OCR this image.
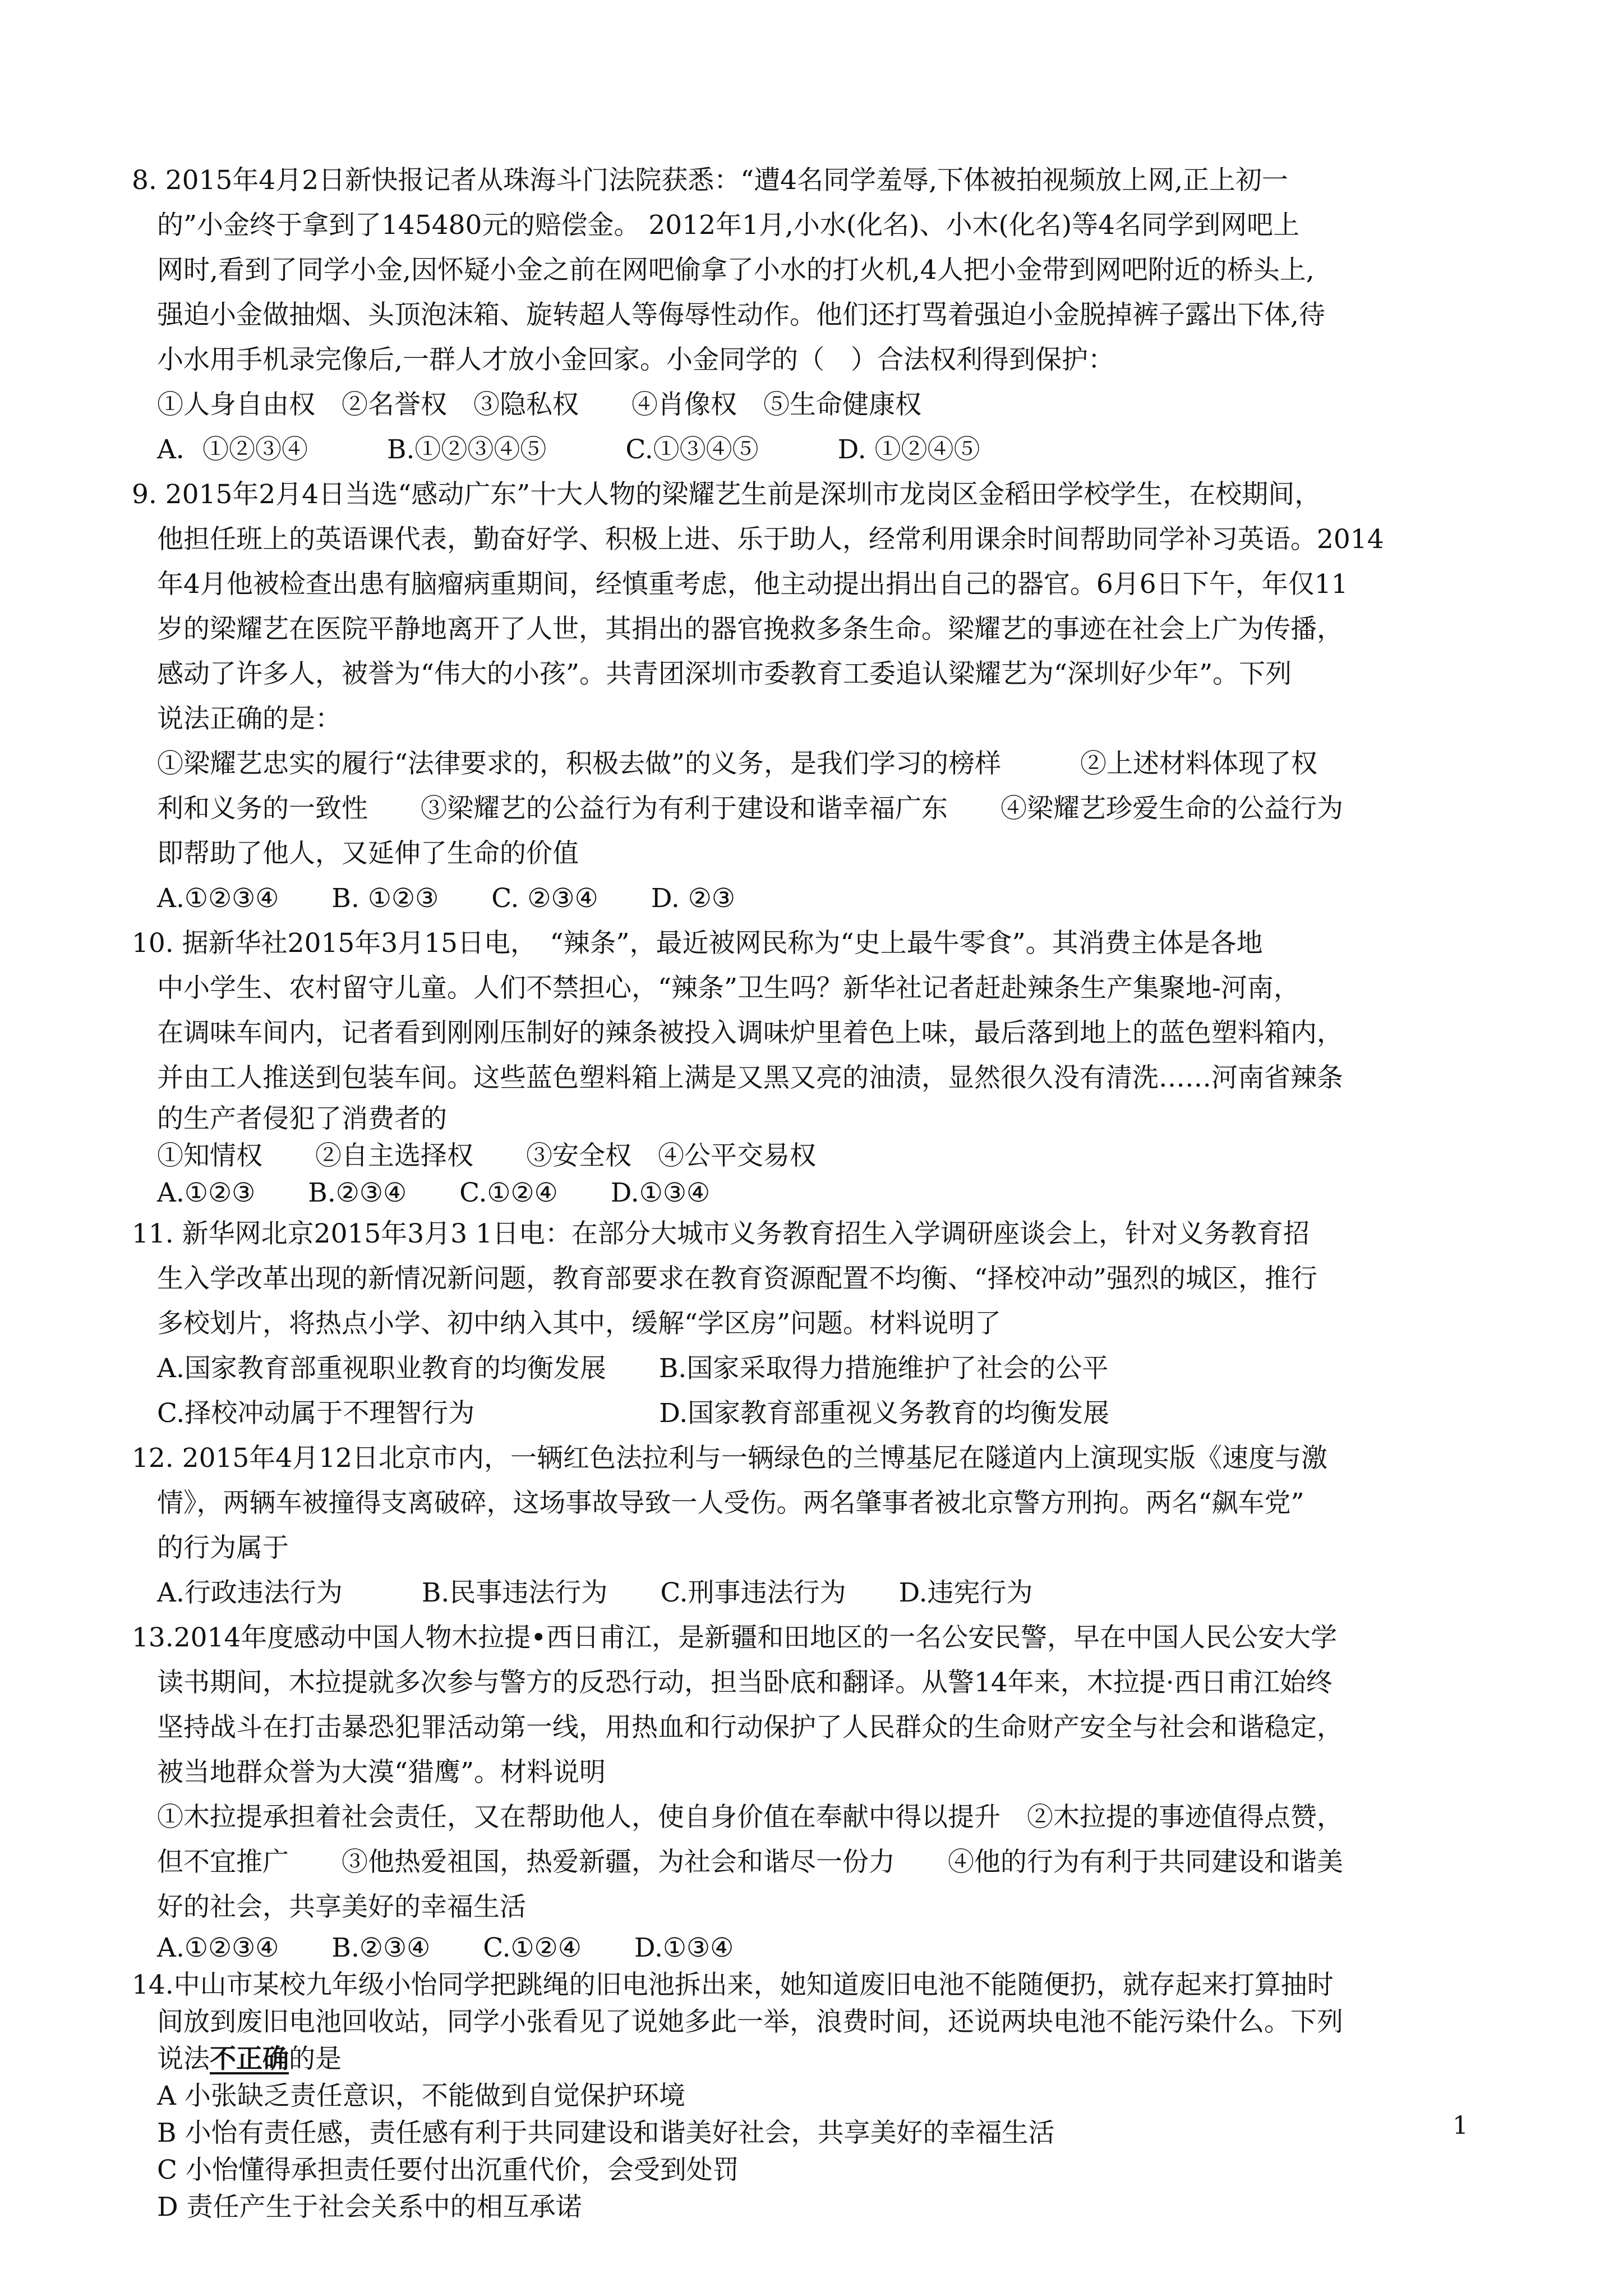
8. 2015年4月2日新快报记者从珠海斗门法院获悉：“遭4名同学羞辱,下体被拍视频放上网,正上初一
的”小金终于拿到了145480元的赔偿金。 2012年1月,小水(化名)、小木(化名)等4名同学到网吧上
网时,看到了同学小金,因怀疑小金之前在网吧偷拿了小水的打火机,4人把小金带到网吧附近的桥头上,
强迫小金做抽烟、头顶泡沫箱、旋转超人等侮辱性动作。他们还打骂着强迫小金脱掉裤子露出下体,待
小水用手机录完像后,一群人才放小金回家。小金同学的（　）合法权利得到保护：
①人身自由权　②名誉权　③隐私权　　④肖像权　⑤生命健康权
A．①②③④　　　B.①②③④⑤　　　C.①③④⑤　　　D. ①②④⑤
9. 2015年2月4日当选“感动广东”十大人物的梁耀艺生前是深圳市龙岗区金稻田学校学生，在校期间，
他担任班上的英语课代表，勤奋好学、积极上进、乐于助人，经常利用课余时间帮助同学补习英语。2014
年4月他被检查出患有脑瘤病重期间，经慎重考虑，他主动提出捐出自己的器官。6月6日下午，年仅11
岁的梁耀艺在医院平静地离开了人世，其捐出的器官挽救多条生命。梁耀艺的事迹在社会上广为传播，
感动了许多人，被誉为“伟大的小孩”。共青团深圳市委教育工委追认梁耀艺为“深圳好少年”。下列
说法正确的是：
①梁耀艺忠实的履行“法律要求的，积极去做”的义务，是我们学习的榜样　　　②上述材料体现了权
利和义务的一致性　　③梁耀艺的公益行为有利于建设和谐幸福广东　　④梁耀艺珍爱生命的公益行为
即帮助了他人，又延伸了生命的价值
A.①②③④　　B. ①②③　　C. ②③④　　D. ②③
10. 据新华社2015年3月15日电，　“辣条”，最近被网民称为“史上最牛零食”。其消费主体是各地
中小学生、农村留守儿童。人们不禁担心，“辣条”卫生吗？新华社记者赶赴辣条生产集聚地-河南，
在调味车间内，记者看到刚刚压制好的辣条被投入调味炉里着色上味，最后落到地上的蓝色塑料箱内，
并由工人推送到包装车间。这些蓝色塑料箱上满是又黑又亮的油渍，显然很久没有清洗……河南省辣条
的生产者侵犯了消费者的
①知情权　　②自主选择权　　③安全权　④公平交易权
A.①②③　　B.②③④　　C.①②④　　D.①③④
11. 新华网北京2015年3月3 1日电：在部分大城市义务教育招生入学调研座谈会上，针对义务教育招
生入学改革出现的新情况新问题，教育部要求在教育资源配置不均衡、“择校冲动”强烈的城区，推行
多校划片，将热点小学、初中纳入其中，缓解“学区房”问题。材料说明了
A.国家教育部重视职业教育的均衡发展　　B.国家采取得力措施维护了社会的公平
C.择校冲动属于不理智行为　　　　　　　D.国家教育部重视义务教育的均衡发展
12. 2015年4月12日北京市内，一辆红色法拉利与一辆绿色的兰博基尼在隧道内上演现实版《速度与激
情》，两辆车被撞得支离破碎，这场事故导致一人受伤。两名肇事者被北京警方刑拘。两名“飙车党”
的行为属于
A.行政违法行为　　　B.民事违法行为　　C.刑事违法行为　　D.违宪行为
13.2014年度感动中国人物木拉提•西日甫江，是新疆和田地区的一名公安民警，早在中国人民公安大学
读书期间，木拉提就多次参与警方的反恐行动，担当卧底和翻译。从警14年来，木拉提·西日甫江始终
坚持战斗在打击暴恐犯罪活动第一线，用热血和行动保护了人民群众的生命财产安全与社会和谐稳定，
被当地群众誉为大漠“猎鹰”。材料说明
①木拉提承担着社会责任，又在帮助他人，使自身价值在奉献中得以提升　②木拉提的事迹值得点赞，
但不宜推广　　③他热爱祖国，热爱新疆，为社会和谐尽一份力　　④他的行为有利于共同建设和谐美
好的社会，共享美好的幸福生活
A.①②③④　　B.②③④　　C.①②④　　D.①③④
14.中山市某校九年级小怡同学把跳绳的旧电池拆出来，她知道废旧电池不能随便扔，就存起来打算抽时
间放到废旧电池回收站，同学小张看见了说她多此一举，浪费时间，还说两块电池不能污染什么。下列
说法不正确的是
A 小张缺乏责任意识，不能做到自觉保护环境
B 小怡有责任感，责任感有利于共同建设和谐美好社会，共享美好的幸福生活
C 小怡懂得承担责任要付出沉重代价，会受到处罚
D 责任产生于社会关系中的相互承诺
1
